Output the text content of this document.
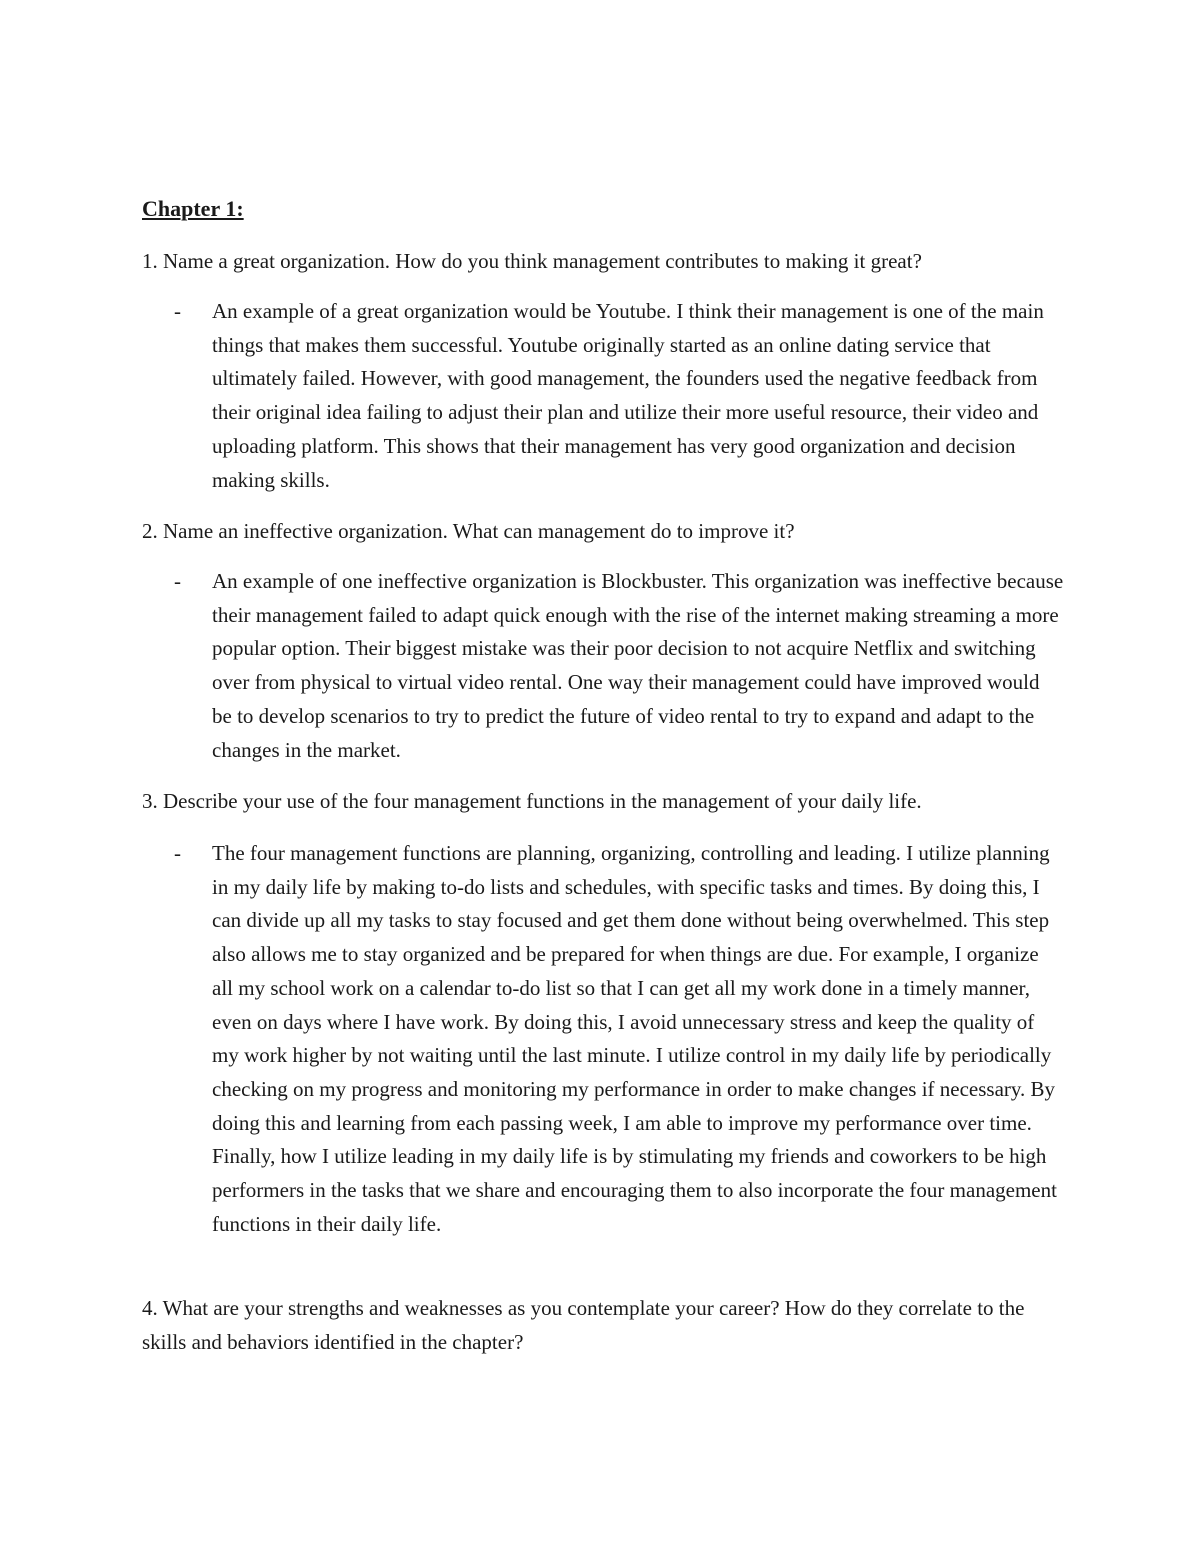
Chapter 1:

1. Name a great organization. How do you think management contributes to making it great?

-	An example of a great organization would be Youtube. I think their management is one of the main things that makes them successful. Youtube originally started as an online dating service that ultimately failed. However, with good management, the founders used the negative feedback from their original idea failing to adjust their plan and utilize their more useful resource, their video and uploading platform. This shows that their management has very good organization and decision making skills.

2. Name an ineffective organization. What can management do to improve it?

-	An example of one ineffective organization is Blockbuster. This organization was ineffective because their management failed to adapt quick enough with the rise of the internet making streaming a more popular option. Their biggest mistake was their poor decision to not acquire Netflix and switching over from physical to virtual video rental. One way their management could have improved would be to develop scenarios to try to predict the future of video rental to try to expand and adapt to the changes in the market.

3. Describe your use of the four management functions in the management of your daily life.

-	The four management functions are planning, organizing, controlling and leading. I utilize planning in my daily life by making to-do lists and schedules, with specific tasks and times. By doing this, I can divide up all my tasks to stay focused and get them done without being overwhelmed. This step also allows me to stay organized and be prepared for when things are due. For example, I organize all my school work on a calendar to-do list so that I can get all my work done in a timely manner, even on days where I have work. By doing this, I avoid unnecessary stress and keep the quality of my work higher by not waiting until the last minute. I utilize control in my daily life by periodically checking on my progress and monitoring my performance in order to make changes if necessary. By doing this and learning from each passing week, I am able to improve my performance over time. Finally, how I utilize leading in my daily life is by stimulating my friends and coworkers to be high performers in the tasks that we share and encouraging them to also incorporate the four management functions in their daily life.

4. What are your strengths and weaknesses as you contemplate your career? How do they correlate to the skills and behaviors identified in the chapter?
